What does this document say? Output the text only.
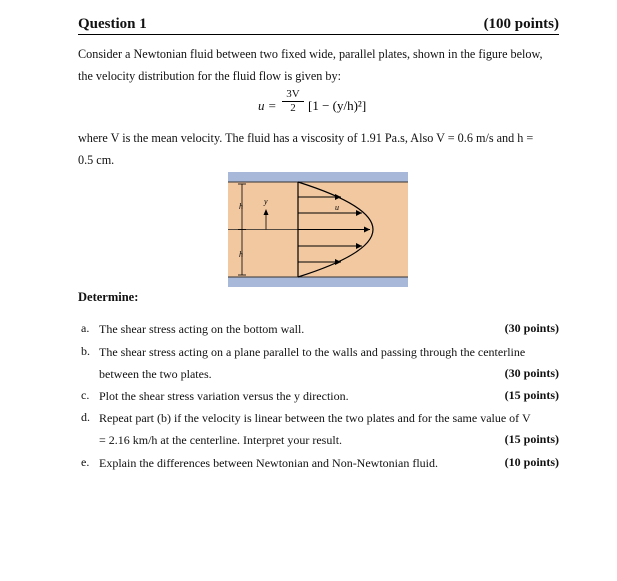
Question 1	(100 points)
Consider a Newtonian fluid between two fixed wide, parallel plates, shown in the figure below,
the velocity distribution for the fluid flow is given by:
$u = \frac{3V}{2} [1 - (y/h)^2]$
where V is the mean velocity. The fluid has a viscosity of 1.91 Pa.s, Also V = 0.6 m/s and h =
0.5 cm.
h
h
y
u
Determine:
a. The shear stress acting on the bottom wall.	(30 points)
b. The shear stress acting on a plane parallel to the walls and passing through the centerline
between the two plates.	(30 points)
c. Plot the shear stress variation versus the y direction.	(15 points)
d. Repeat part (b) if the velocity is linear between the two plates and for the same value of V
= 2.16 km/h at the centerline. Interpret your result.	(15 points)
e. Explain the differences between Newtonian and Non-Newtonian fluid.	(10 points)
